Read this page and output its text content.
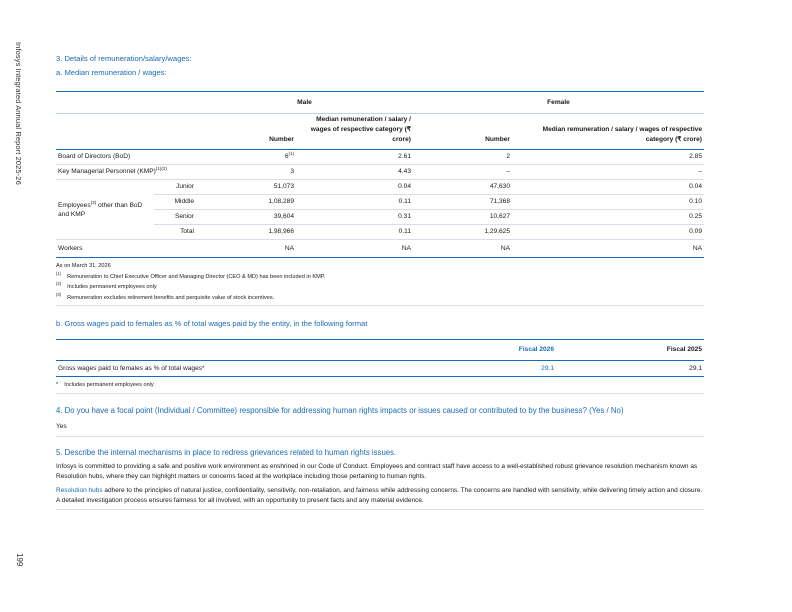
Infosys Integrated Annual Report 2025-26
199

3. Details of remuneration/salary/wages:

a. Median remuneration / wages:

		Male		Female	
		Number	Median remuneration / salary / wages of respective category (₹ crore)	Number	Median remuneration / salary / wages of respective category (₹ crore)
Board of Directors (BoD)		6$^{(1)}$	2.61	2	2.85
Key Managerial Personnel (KMP)$^{(1)(2)}$		3	4.43	–	–
Employees$^{(3)}$ other than BoD and KMP	Junior	51,073	0.04	47,630	0.04
	Middle	1,08,289	0.11	71,368	0.10
	Senior	39,604	0.31	10,627	0.25
	Total	1,98,966	0.11	1,29,625	0.09
Workers		NA	NA	NA	NA
As on March 31, 2026
$^{(1)}$Remuneration to Chief Executive Officer and Managing Director (CEO & MD) has been included in KMP.
$^{(2)}$Includes permanent employees only
$^{(3)}$Remuneration excludes retirement benefits and perquisite value of stock incentives.

b. Gross wages paid to females as % of total wages paid by the entity, in the following format

	Fiscal 2026	Fiscal 2025
Gross wages paid to females as % of total wages*	29.1	29.1
* Includes permanent employees only

4. Do you have a focal point (Individual / Committee) responsible for addressing human rights impacts or issues caused or contributed to by the business? (Yes / No)

Yes

5. Describe the internal mechanisms in place to redress grievances related to human rights issues.

Infosys is committed to providing a safe and positive work environment as enshrined in our Code of Conduct. Employees and contract staff have access to a well-established robust grievance resolution mechanism known as Resolution hubs, where they can highlight matters or concerns faced at the workplace including those pertaining to human rights.

Resolution hubs adhere to the principles of natural justice, confidentiality, sensitivity, non-retaliation, and fairness while addressing concerns. The concerns are handled with sensitivity, while delivering timely action and closure. A detailed investigation process ensures fairness for all involved, with an opportunity to present facts and any material evidence.
